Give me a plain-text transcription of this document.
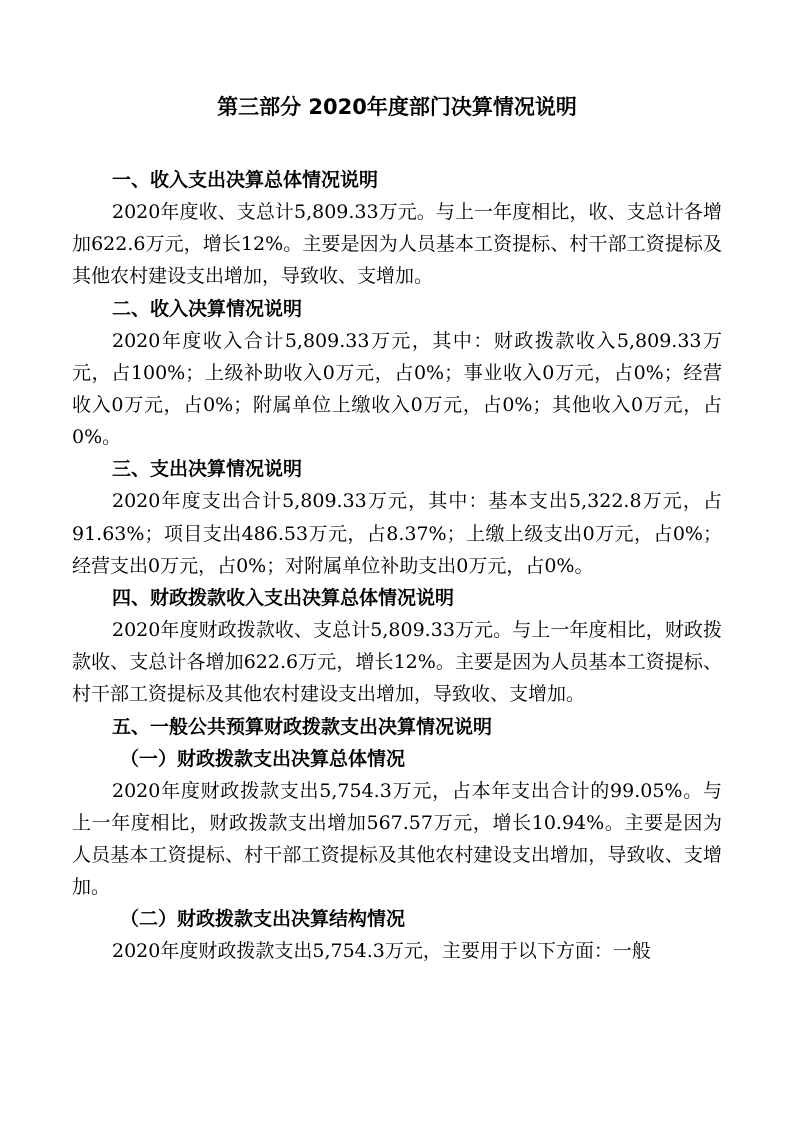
第三部分 2020年度部门决算情况说明
一、收入支出决算总体情况说明

2020年度收、支总计5,809.33万元。与上一年度相比，收、支总计各增加622.6万元，增长12%。主要是因为人员基本工资提标、村干部工资提标及其他农村建设支出增加，导致收、支增加。

二、收入决算情况说明

2020年度收入合计5,809.33万元，其中：财政拨款收入5,809.33万元，占100%；上级补助收入0万元，占0%；事业收入0万元，占0%；经营收入0万元，占0%；附属单位上缴收入0万元，占0%；其他收入0万元，占0%。

三、支出决算情况说明

2020年度支出合计5,809.33万元，其中：基本支出5,322.8万元，占91.63%；项目支出486.53万元，占8.37%；上缴上级支出0万元，占0%；经营支出0万元，占0%；对附属单位补助支出0万元，占0%。

四、财政拨款收入支出决算总体情况说明

2020年度财政拨款收、支总计5,809.33万元。与上一年度相比，财政拨款收、支总计各增加622.6万元，增长12%。主要是因为人员基本工资提标、村干部工资提标及其他农村建设支出增加，导致收、支增加。

五、一般公共预算财政拨款支出决算情况说明
（一）财政拨款支出决算总体情况

2020年度财政拨款支出5,754.3万元，占本年支出合计的99.05%。与上一年度相比，财政拨款支出增加567.57万元，增长10.94%。主要是因为人员基本工资提标、村干部工资提标及其他农村建设支出增加，导致收、支增加。

（二）财政拨款支出决算结构情况

2020年度财政拨款支出5,754.3万元，主要用于以下方面：一般
